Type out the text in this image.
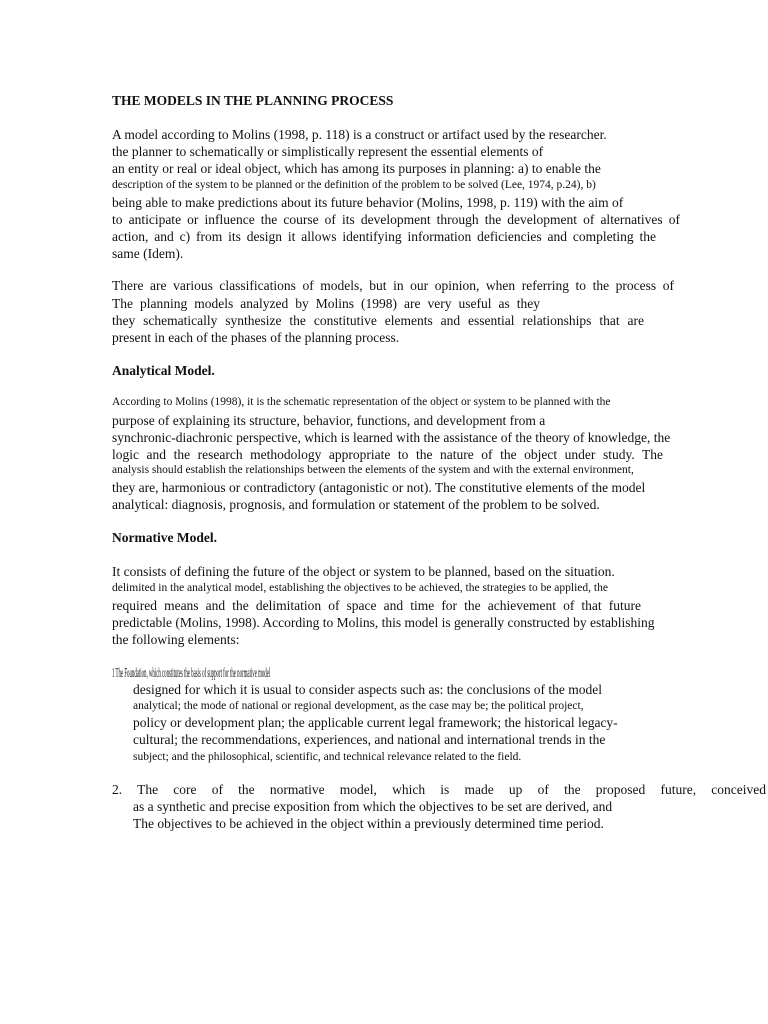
THE MODELS IN THE PLANNING PROCESS
A model according to Molins (1998, p. 118) is a construct or artifact used by the researcher.
the planner to schematically or simplistically represent the essential elements of
an entity or real or ideal object, which has among its purposes in planning: a) to enable the
description of the system to be planned or the definition of the problem to be solved (Lee, 1974, p.24), b)
being able to make predictions about its future behavior (Molins, 1998, p. 119) with the aim of
to anticipate or influence the course of its development through the development of alternatives of
action, and c) from its design it allows identifying information deficiencies and completing the
same (Idem).
There are various classifications of models, but in our opinion, when referring to the process of
The planning models analyzed by Molins (1998) are very useful as they
they schematically synthesize the constitutive elements and essential relationships that are
present in each of the phases of the planning process.
Analytical Model.
According to Molins (1998), it is the schematic representation of the object or system to be planned with the
purpose of explaining its structure, behavior, functions, and development from a
synchronic-diachronic perspective, which is learned with the assistance of the theory of knowledge, the
logic and the research methodology appropriate to the nature of the object under study. The
analysis should establish the relationships between the elements of the system and with the external environment,
they are, harmonious or contradictory (antagonistic or not). The constitutive elements of the model
analytical: diagnosis, prognosis, and formulation or statement of the problem to be solved.
Normative Model.
It consists of defining the future of the object or system to be planned, based on the situation.
delimited in the analytical model, establishing the objectives to be achieved, the strategies to be applied, the
required means and the delimitation of space and time for the achievement of that future
predictable (Molins, 1998). According to Molins, this model is generally constructed by establishing
the following elements:
1 The Foundation, which constitutes the basis of support for the normative model
designed for which it is usual to consider aspects such as: the conclusions of the model
analytical; the mode of national or regional development, as the case may be; the political project,
policy or development plan; the applicable current legal framework; the historical legacy-
cultural; the recommendations, experiences, and national and international trends in the
subject; and the philosophical, scientific, and technical relevance related to the field.
2. The core of the normative model, which is made up of the proposed future, conceived
as a synthetic and precise exposition from which the objectives to be set are derived, and
The objectives to be achieved in the object within a previously determined time period.
